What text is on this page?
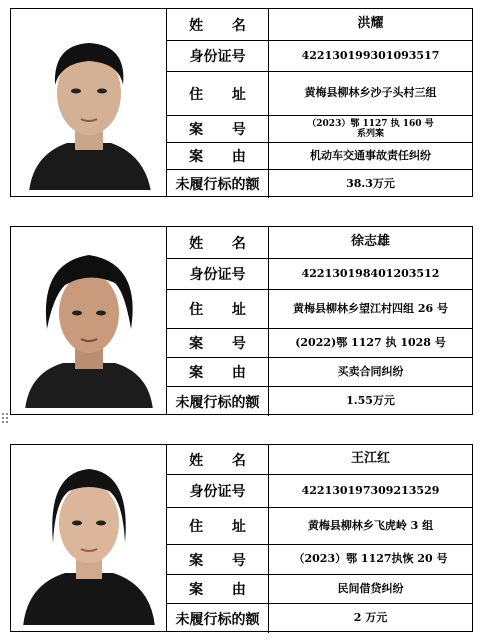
姓 名	洪耀
身份证号	422130199301093517
住 址	黄梅县柳林乡沙子头村三组
案 号	（2023）鄂 1127 执 160 号
系列案
案 由	机动车交通事故责任纠纷
未履行标的额	38.3万元
姓 名	徐志雄
身份证号	422130198401203512
住 址	黄梅县柳林乡望江村四组 26 号
案 号	(2022)鄂 1127 执 1028 号
案 由	买卖合同纠纷
未履行标的额	1.55万元
姓 名	王江红
身份证号	422130197309213529
住 址	黄梅县柳林乡飞虎岭 3 组
案 号	（2023）鄂 1127执恢 20 号
案 由	民间借贷纠纷
未履行标的额	2 万元
